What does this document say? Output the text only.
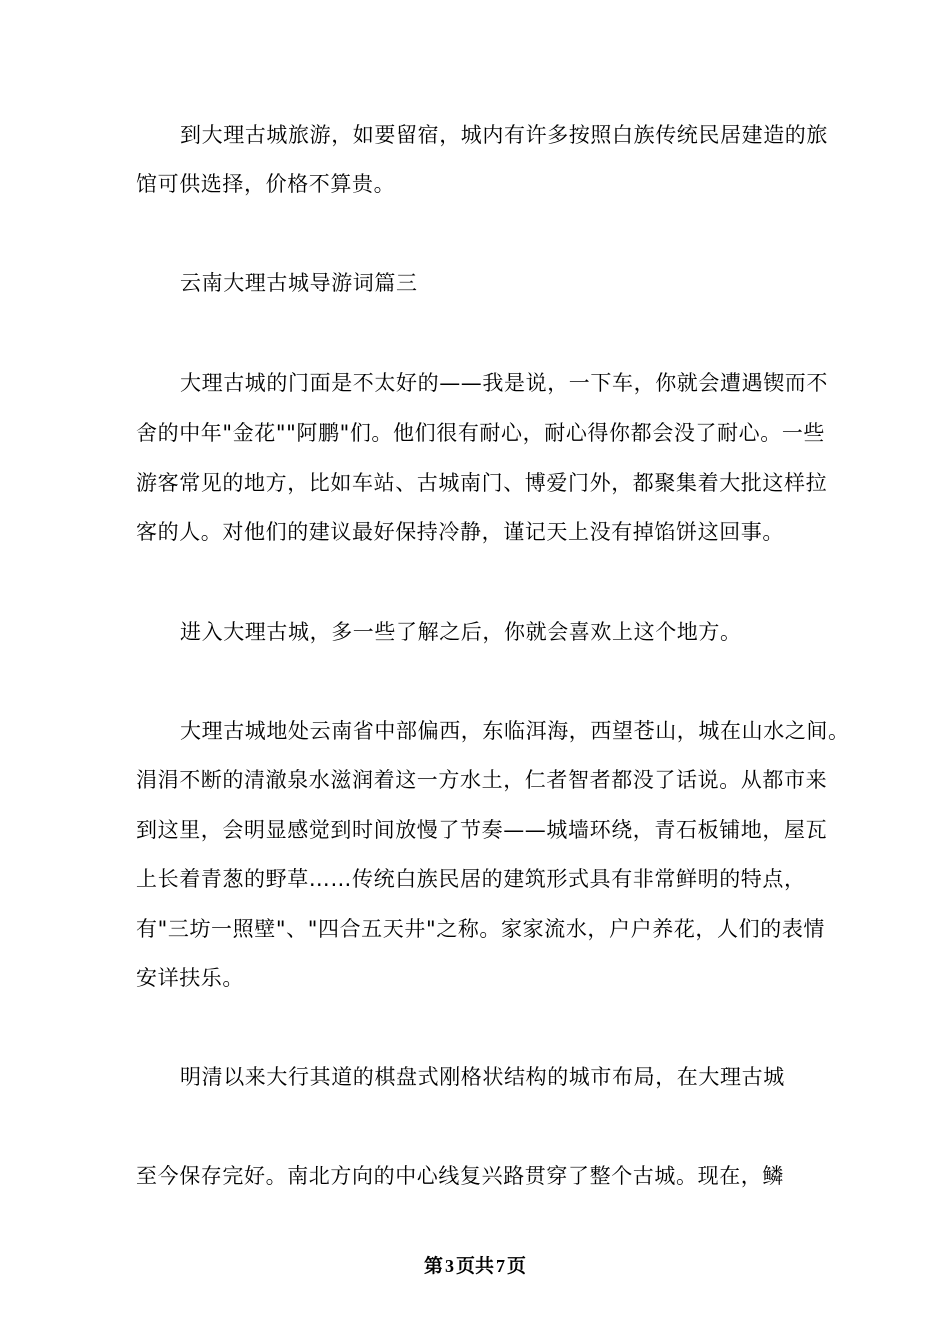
到大理古城旅游，如要留宿，城内有许多按照白族传统民居建造的旅
馆可供选择，价格不算贵。
云南大理古城导游词篇三
大理古城的门面是不太好的——我是说，一下车，你就会遭遇锲而不
舍的中年"金花""阿鹏"们。他们很有耐心，耐心得你都会没了耐心。一些
游客常见的地方，比如车站、古城南门、博爱门外，都聚集着大批这样拉
客的人。对他们的建议最好保持冷静，谨记天上没有掉馅饼这回事。
进入大理古城，多一些了解之后，你就会喜欢上这个地方。
大理古城地处云南省中部偏西，东临洱海，西望苍山，城在山水之间。
涓涓不断的清澈泉水滋润着这一方水土，仁者智者都没了话说。从都市来
到这里，会明显感觉到时间放慢了节奏——城墙环绕，青石板铺地，屋瓦
上长着青葱的野草……传统白族民居的建筑形式具有非常鲜明的特点，
有"三坊一照壁"、"四合五天井"之称。家家流水，户户养花，人们的表情
安详扶乐。
明清以来大行其道的棋盘式刚格状结构的城市布局，在大理古城
至今保存完好。南北方向的中心线复兴路贯穿了整个古城。现在，鳞
第 3 页共 7 页
